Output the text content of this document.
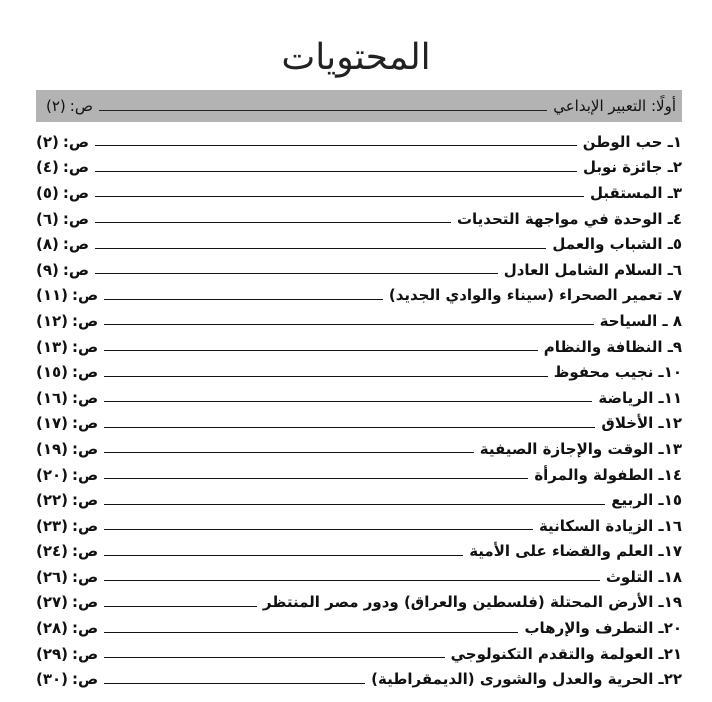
المحتويات
أولًا: التعبير الإبداعي
ص:(٢)
١ـ حب الوطن
ص:(٢)
٢ـ جائزة نوبل
ص:(٤)
٣ـ المستقبل
ص:(٥)
٤ـ الوحدة في مواجهة التحديات
ص:(٦)
٥ـ الشباب والعمل
ص:(٨)
٦ـ السلام الشامل العادل
ص:(٩)
٧ـ تعمير الصحراء (سيناء والوادي الجديد)
ص:(١١)
٨ ـ السياحة
ص:(١٢)
٩ـ النظافة والنظام
ص:(١٣)
١٠ـ نجيب محفوظ
ص:(١٥)
١١ـ الرياضة
ص:(١٦)
١٢ـ الأخلاق
ص:(١٧)
١٣ـ الوقت والإجازة الصيفية
ص:(١٩)
١٤ـ الطفولة والمرأة
ص:(٢٠)
١٥ـ الربيع
ص:(٢٢)
١٦ـ الزيادة السكانية
ص:(٢٣)
١٧ـ العلم والقضاء على الأمية
ص:(٢٤)
١٨ـ التلوث
ص:(٢٦)
١٩ـ الأرض المحتلة (فلسطين والعراق) ودور مصر المنتظر
ص:(٢٧)
٢٠ـ التطرف والإرهاب
ص:(٢٨)
٢١ـ العولمة والتقدم التكنولوجي
ص:(٢٩)
٢٢ـ الحرية والعدل والشورى (الديمقراطية)
ص:(٣٠)
